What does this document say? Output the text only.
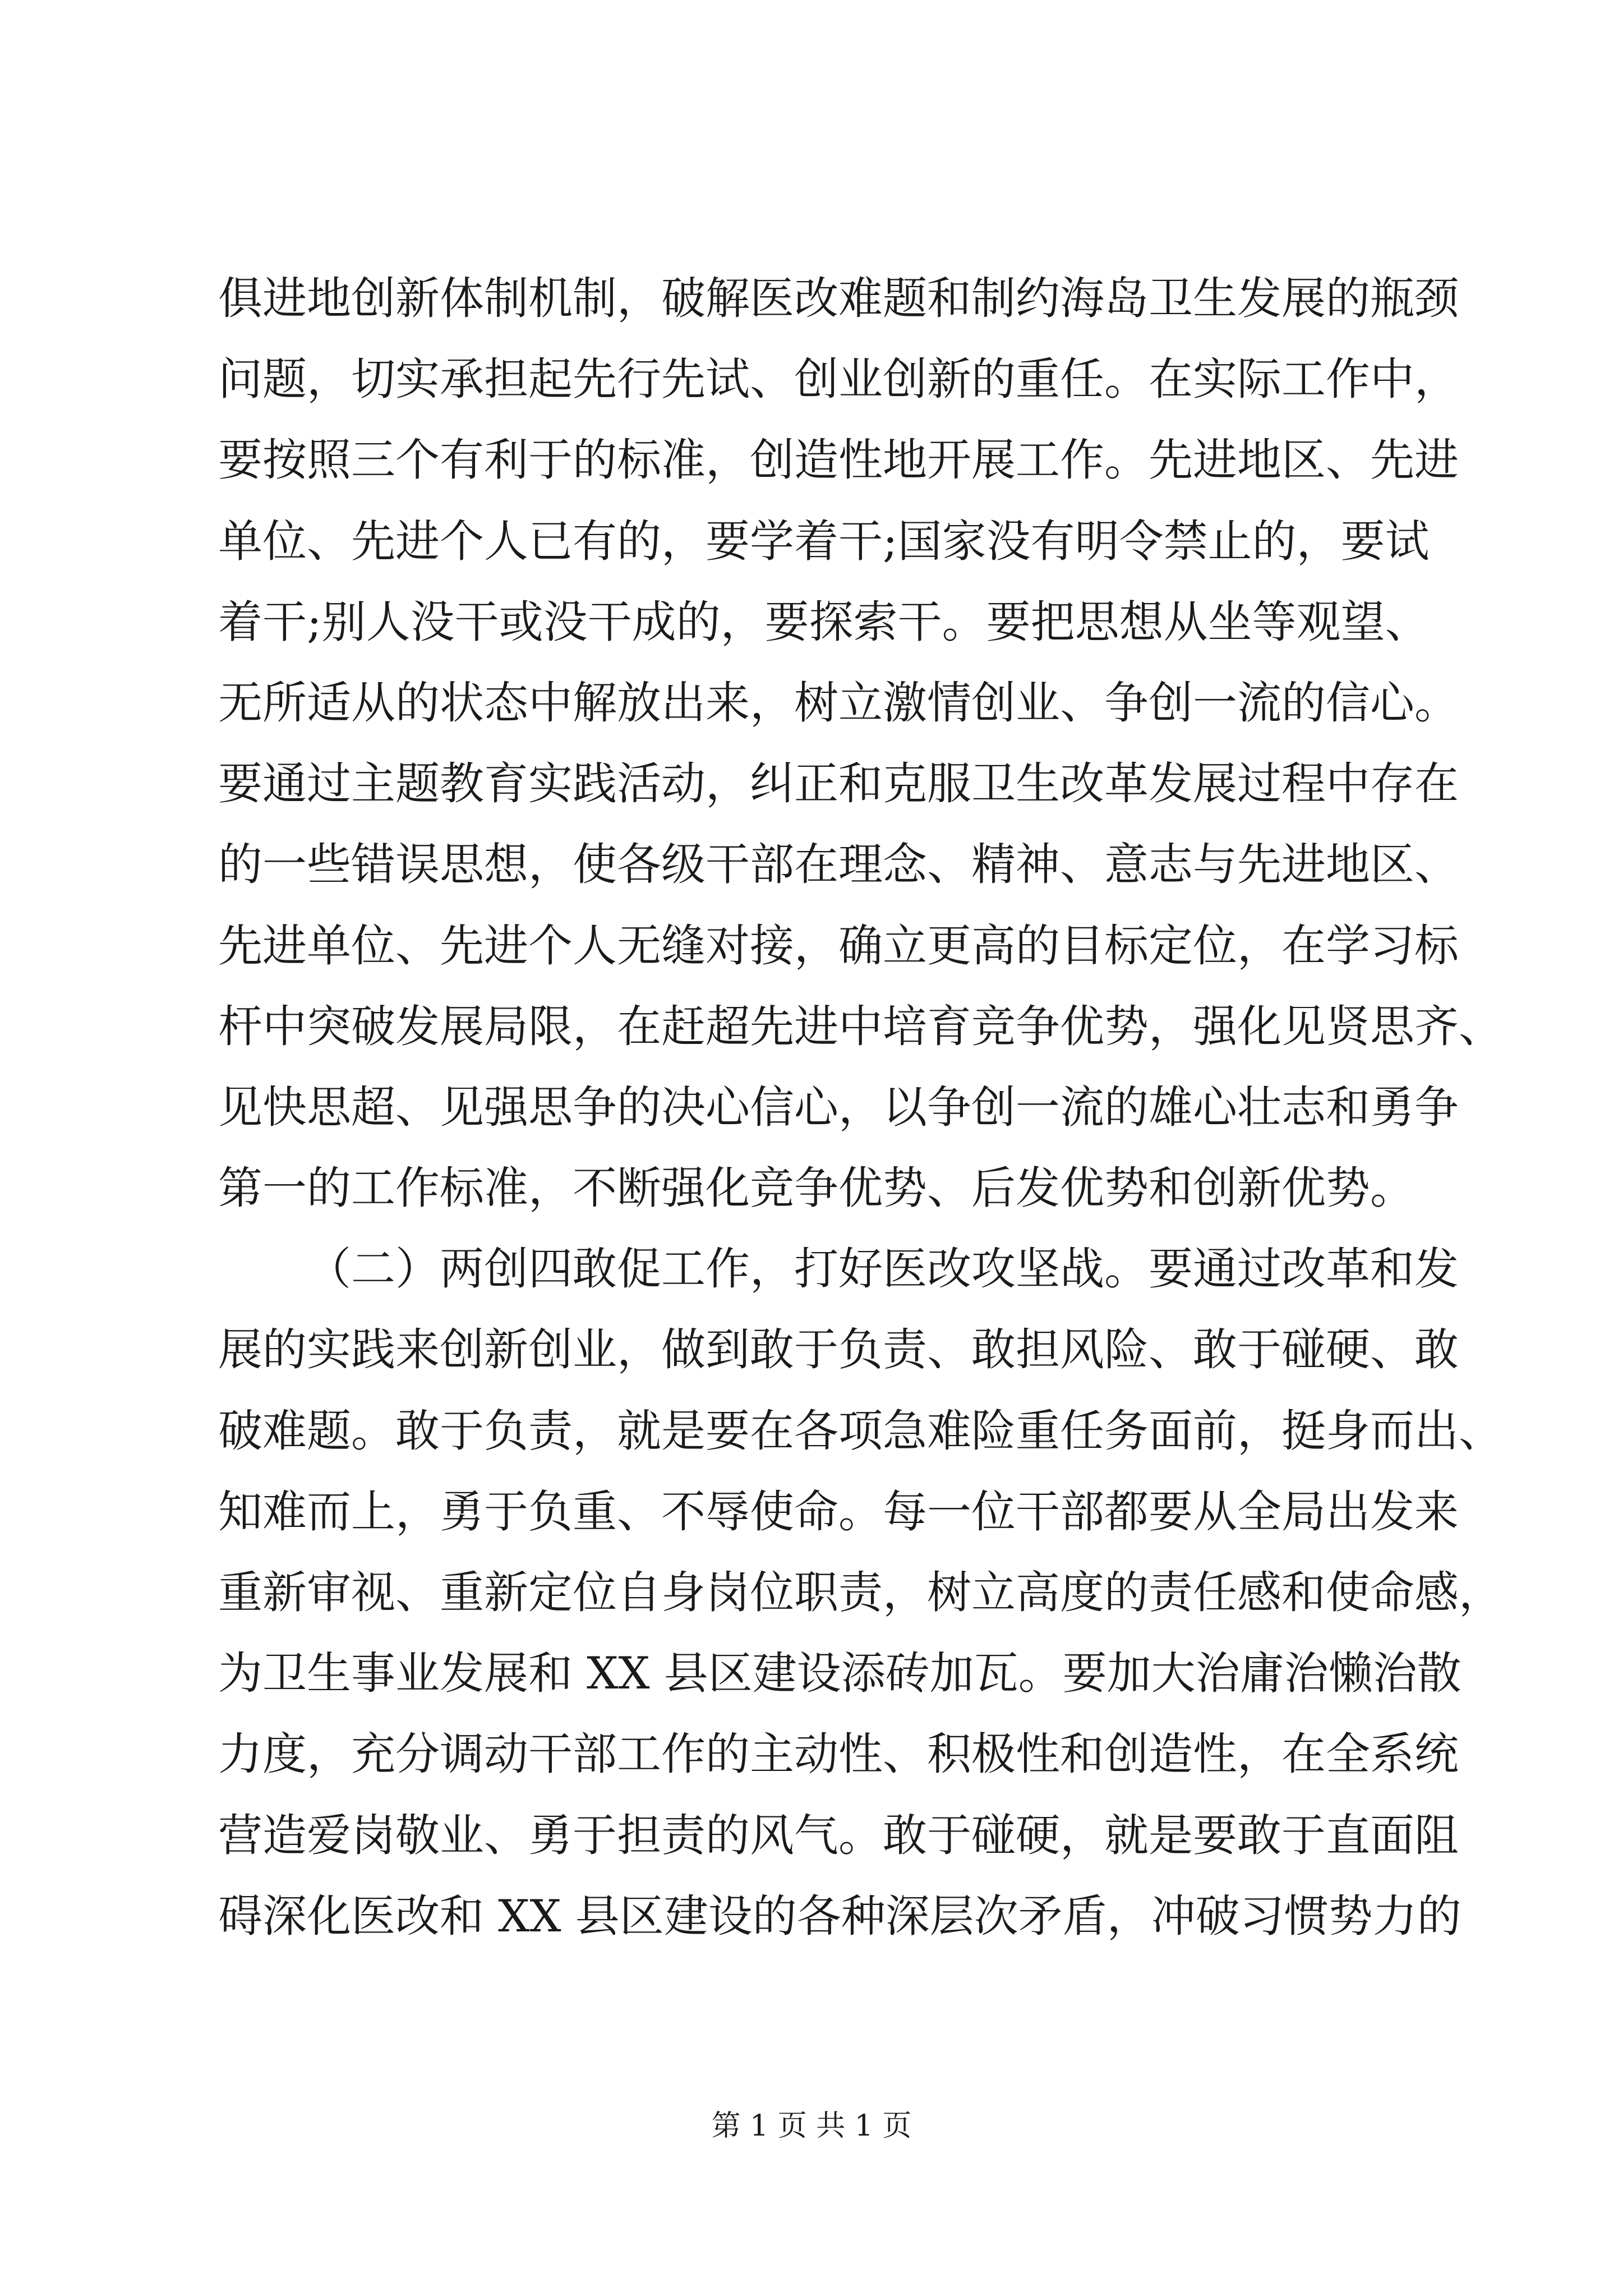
俱进地创新体制机制，破解医改难题和制约海岛卫生发展的瓶颈
问题，切实承担起先行先试、创业创新的重任。在实际工作中，
要按照三个有利于的标准，创造性地开展工作。先进地区、先进
单位、先进个人已有的，要学着干;国家没有明令禁止的，要试
着干;别人没干或没干成的，要探索干。要把思想从坐等观望、
无所适从的状态中解放出来，树立激情创业、争创一流的信心。
要通过主题教育实践活动，纠正和克服卫生改革发展过程中存在
的一些错误思想，使各级干部在理念、精神、意志与先进地区、
先进单位、先进个人无缝对接，确立更高的目标定位，在学习标
杆中突破发展局限，在赶超先进中培育竞争优势，强化见贤思齐、
见快思超、见强思争的决心信心，以争创一流的雄心壮志和勇争
第一的工作标准，不断强化竞争优势、后发优势和创新优势。
（二）两创四敢促工作，打好医改攻坚战。要通过改革和发
展的实践来创新创业，做到敢于负责、敢担风险、敢于碰硬、敢
破难题。敢于负责，就是要在各项急难险重任务面前，挺身而出、
知难而上，勇于负重、不辱使命。每一位干部都要从全局出发来
重新审视、重新定位自身岗位职责，树立高度的责任感和使命感，
为卫生事业发展和 XX 县区建设添砖加瓦。要加大治庸治懒治散
力度，充分调动干部工作的主动性、积极性和创造性，在全系统
营造爱岗敬业、勇于担责的风气。敢于碰硬，就是要敢于直面阻
碍深化医改和 XX 县区建设的各种深层次矛盾，冲破习惯势力的
第 1 页 共 1 页
